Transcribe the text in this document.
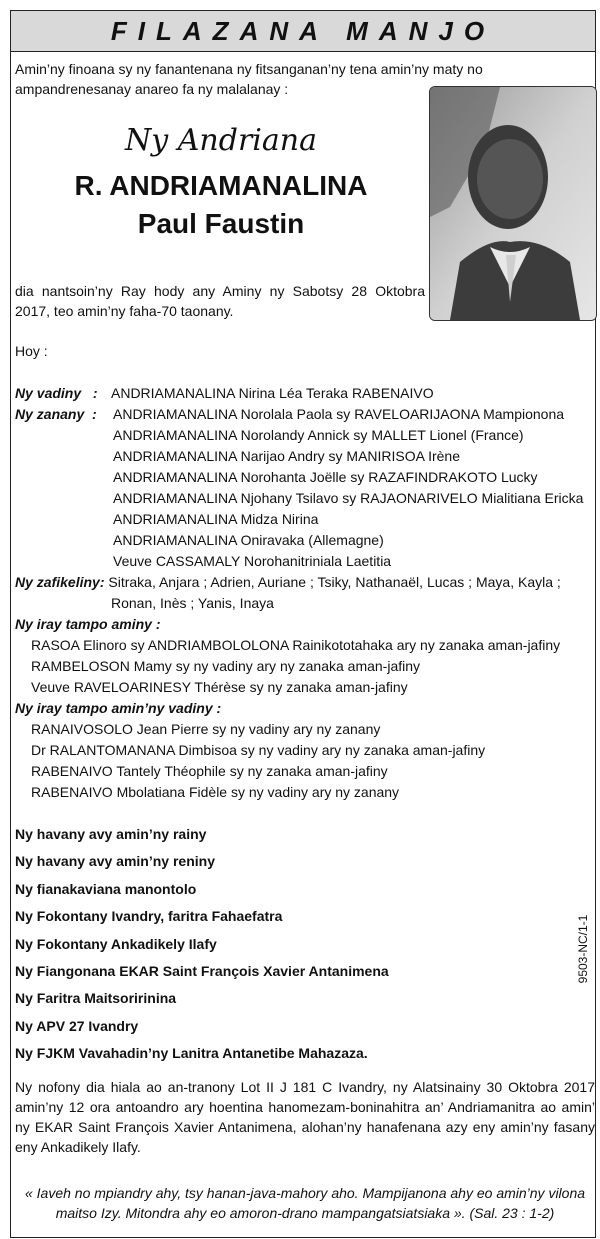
FILAZANA MANJO
Amin’ny finoana sy ny fanantenana ny fitsanganan’ny tena amin’ny maty no ampandrenesanay anareo fa ny malalanay :
Ny Andriana
R. ANDRIAMANALINA
Paul Faustin
dia nantsoin’ny Ray hody any Aminy ny Sabotsy 28 Oktobra 2017, teo amin’ny faha-70 taonany.
Hoy :
Ny vadiny : ANDRIAMANALINA Nirina Léa Teraka RABENAIVO
Ny zanany :	ANDRIAMANALINA Norolala Paola sy RAVELOARIJAONA Mampionona
ANDRIAMANALINA Norolandy Annick sy MALLET Lionel (France)
ANDRIAMANALINA Narijao Andry sy MANIRISOA Irène
ANDRIAMANALINA Norohanta Joëlle sy RAZAFINDRAKOTO Lucky
ANDRIAMANALINA Njohany Tsilavo sy RAJAONARIVELO Mialitiana Ericka
ANDRIAMANALINA Midza Nirina
ANDRIAMANALINA Oniravaka (Allemagne)
Veuve CASSAMALY Norohanitriniala Laetitia
Ny zafikeliny: Sitraka, Anjara ; Adrien, Auriane ; Tsiky, Nathanaël, Lucas ; Maya, Kayla ;
Ronan, Inès ; Yanis, Inaya
Ny iray tampo aminy :
RASOA Elinoro sy ANDRIAMBOLOLONA Rainikototahaka ary ny zanaka aman-jafiny
RAMBELOSON Mamy sy ny vadiny ary ny zanaka aman-jafiny
Veuve RAVELOARINESY Thérèse sy ny zanaka aman-jafiny
Ny iray tampo amin’ny vadiny :
RANAIVOSOLO Jean Pierre sy ny vadiny ary ny zanany
Dr RALANTOMANANA Dimbisoa sy ny vadiny ary ny zanaka aman-jafiny
RABENAIVO Tantely Théophile sy ny zanaka aman-jafiny
RABENAIVO Mbolatiana Fidèle sy ny vadiny ary ny zanany
Ny havany avy amin’ny rainy
Ny havany avy amin’ny reniny
Ny fianakaviana manontolo
Ny Fokontany Ivandry, faritra Fahaefatra
Ny Fokontany Ankadikely Ilafy
Ny Fiangonana EKAR Saint François Xavier Antanimena
Ny Faritra Maitsoririnina
Ny APV 27 Ivandry
Ny FJKM Vavahadin’ny Lanitra Antanetibe Mahazaza.
9503-NC/1-1
Ny nofony dia hiala ao an-tranony Lot II J 181 C Ivandry, ny Alatsinainy 30 Oktobra 2017 amin’ny 12 ora antoandro ary hoentina hanomezam-boninahitra an’ Andriamanitra ao amin’ ny EKAR Saint François Xavier Antanimena, alohan’ny hanafenana azy eny amin’ny fasany eny Ankadikely Ilafy.
« Iaveh no mpiandry ahy, tsy hanan-java-mahory aho. Mampijanona ahy eo amin’ny vilona maitso Izy. Mitondra ahy eo amoron-drano mampangatsiatsiaka ». (Sal. 23 : 1-2)
